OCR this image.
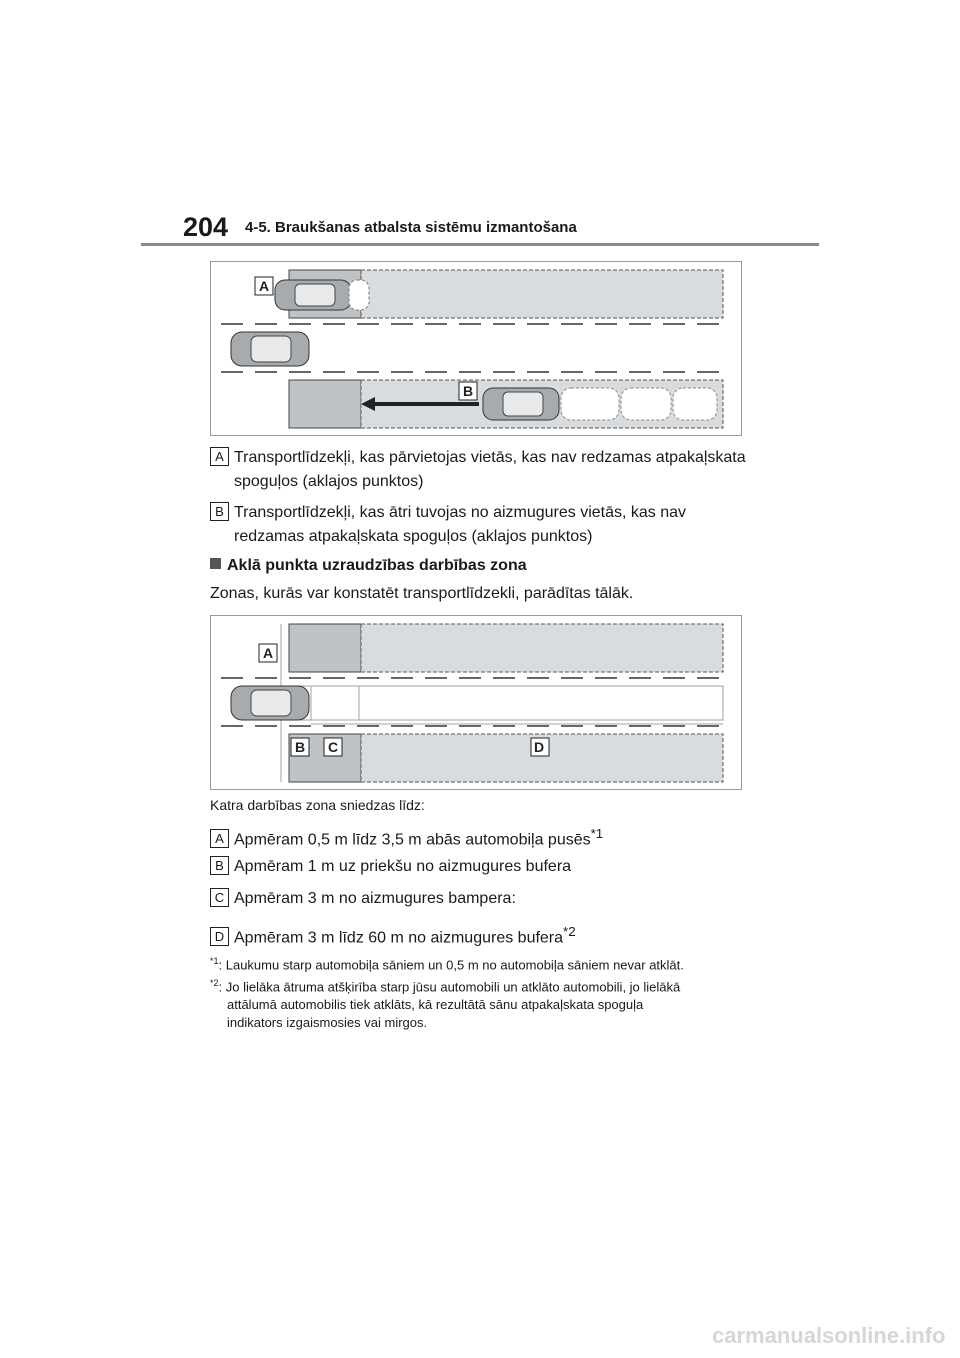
204 4-5. Braukšanas atbalsta sistēmu izmantošana
A
B
A Transportlīdzekļi, kas pārvietojas vietās, kas nav redzamas atpakaļskata
spoguļos (aklajos punktos)
B Transportlīdzekļi, kas ātri tuvojas no aizmugures vietās, kas nav
redzamas atpakaļskata spoguļos (aklajos punktos)
Aklā punkta uzraudzības darbības zona
Zonas, kurās var konstatēt transportlīdzekli, parādītas tālāk.
A
B C	D
Katra darbības zona sniedzas līdz:
A Apmēram 0,5 m līdz 3,5 m abās automobiļa pusēs$^{*1}$
B Apmēram 1 m uz priekšu no aizmugures bufera
C Apmēram 3 m no aizmugures bampera:
D Apmēram 3 m līdz 60 m no aizmugures bufera$^{*2}$
$^{*1}$: Laukumu starp automobiļa sāniem un 0,5 m no automobiļa sāniem nevar atklāt.
$^{*2}$: Jo lielāka ātruma atšķirība starp jūsu automobili un atklāto automobili, jo lielākā
attālumā automobilis tiek atklāts, kā rezultātā sānu atpakaļskata spoguļa
indikators izgaismosies vai mirgos.
carmanualsonline.info
